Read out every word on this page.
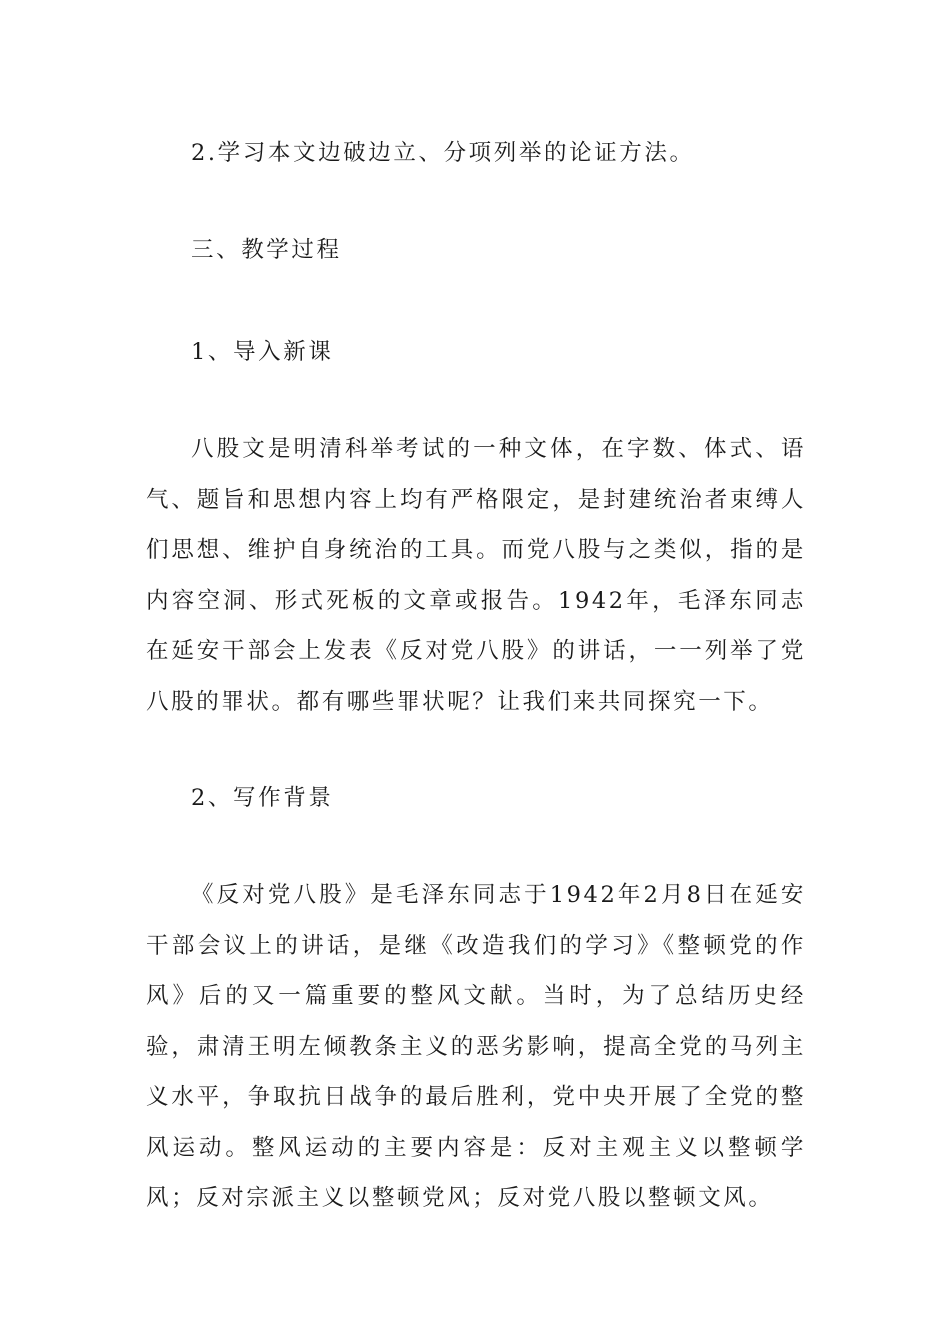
2.学习本文边破边立、分项列举的论证方法。
三、教学过程
1、导入新课

八股文是明清科举考试的一种文体，在字数、体式、语气、题旨和思想内容上均有严格限定，是封建统治者束缚人们思想、维护自身统治的工具。而党八股与之类似，指的是内容空洞、形式死板的文章或报告。1942年，毛泽东同志在延安干部会上发表《反对党八股》的讲话，一一列举了党八股的罪状。都有哪些罪状呢？让我们来共同探究一下。

2、写作背景

《反对党八股》是毛泽东同志于1942年2月8日在延安干部会议上的讲话，是继《改造我们的学习》《整顿党的作风》后的又一篇重要的整风文献。当时，为了总结历史经验，肃清王明左倾教条主义的恶劣影响，提高全党的马列主义水平，争取抗日战争的最后胜利，党中央开展了全党的整风运动。整风运动的主要内容是：反对主观主义以整顿学风；反对宗派主义以整顿党风；反对党八股以整顿文风。
